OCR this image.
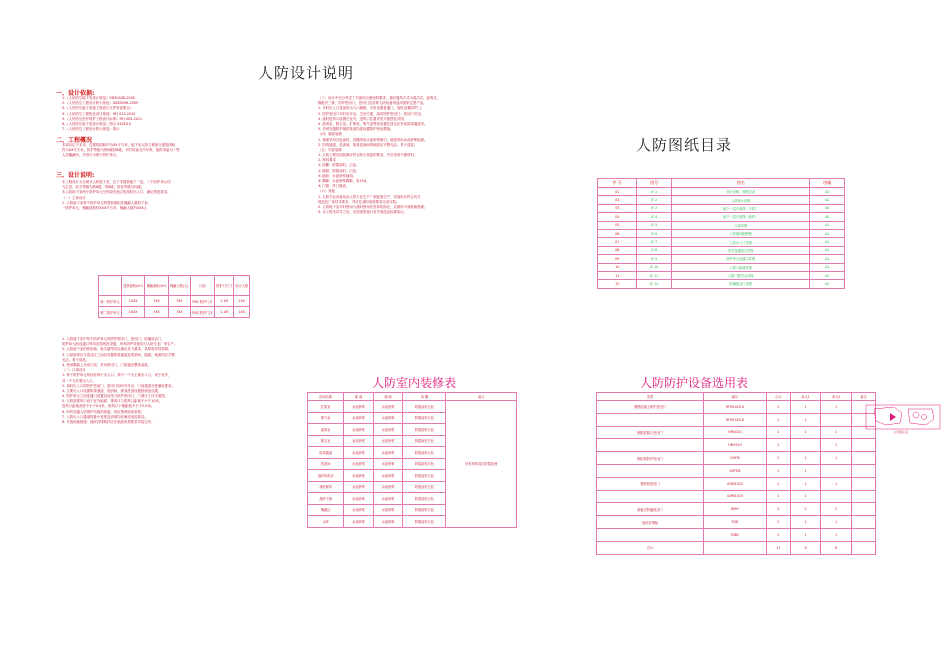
人防设计说明
人防图纸目录
人防室内装修表	人防防护设备选用表
一、设计依据:
1.《人民防空地下室设计规范》GB50038-2005
2.《人民防空工程设计防火规范》GB50098-2009
3.《人民防空地下室施工图设计文件审查要点》
4.《人民防空工程防化设计规范》RFJ 013-2010
5.《人民防空医疗救护工程设计标准》RFJ 005-2011
6.《人民防空地下室设计规范》图示 05SFJ10
7.《人民防空工程设计防火规范》图示
二、工程概况
本项目位于本市，总建筑面积约为XX平方米，地下室人防工程部分建筑面积
约为XX平方米，防护等级为核6级常6级，平时用途为汽车库，战时用途为二等
人员掩蔽所，共划分为两个防护单元。
三、设计说明:
本工程设计为全埋式人防地下室，位于本建筑地下一层，二个防护单元均
为乙类，抗力等级为核6级，常6级，防化等级为丙级。
本人防地下室两个防护单元分别设有独立的战时出入口，满足规范要求。
（一）主体设计
1. 人防地下室每个防护单元的建筑面积及掩蔽人数如下表：
一防护单元，掩蔽面积约XXX平方米，掩蔽人数约XXX人
	建筑面积(m²)	掩蔽面积(m²)	掩蔽人数(人)	口部	防护门尺寸	设计人数
第一防护单元	1XXX	7XX	7XX	FM1 防护门/1	1.1M	1XX
第二防护单元	1XXX	7XX	7XX	FM2 防护门/2	1.1M	1XX
1. 人防地下室中每个防护单元的防护密闭门、密闭门、防爆波活门、
防护单元间连通口等均应按规范设置，所有防护设备均为人防专业厂家生产。
2. 人防地下室的密闭墙、临空墙等均应满足抗力要求，其厚度详结构图。
3. 口部染毒区与清洁区之间应设置防毒通道及洗消间，墙面、地面均应平整
光洁，易于清洗。
4. 密闭隔墙上开设门洞，采用密闭门，门框墙应整体浇筑。
（二）口部设计
1. 每个防护单元均设有两个出入口，其中一个为主要出入口，设于室外，
另一个为次要出入口。
2. 战时出入口的防护密闭门、密闭门均向外开启，门前通道长度满足要求。
3. 主要出入口设置防毒通道、洗消间，简易洗消设施按规范设置。
4. 防护单元之间连通口设置双向受力防护密闭门，门洞尺寸详平面图。
5. 人防进排风口设于室外地面，排风口与进风口距离不小于10米，
进风口距地高度不小于0.5米，排风口下缘距地不小于2.0米。
6. 所有穿越人防围护结构的管道，均应预埋密闭套管。
7. 人防出入口通道的最小宽度及高度均应满足规范要求。
8. 平战转换措施：战时封堵构件应在临战时按要求安装完毕。
（三）设计中充分考虑了平战结合使用的要求，战时通风方式为清洁式、滤毒式、
隔绝式三种，防护密闭门、密闭门及各种人防设备均选用国家定型产品。
1. 平时出入口及战时出入口兼顾，平时设置普通门，战时设置防护门。
2. 防护密闭门平时应开启，关闭方便，战时防护密闭门、密闭门关闭。
3. 战时进风口设置在室外，进风口位置详见平面图及详图。
4. 滤毒室、除尘室、扩散室、集气室等均设置在清洁区外或防毒通道内。
5. 各种穿越防护墙的管道均需设置防护密闭措施。
（四）墙面装修
1. 墙面采用白色涂料，顶棚采用水泥砂浆刷白，地面采用水泥砂浆地面。
2. 防毒通道、洗消间、简易洗消间等地面应平整光洁、易于清洗。
（五）内部装修
1. 人防工程内部装修应符合防火规范的要求，并应采用不燃材料。
2. 材料要求
① 顶棚：防霉涂料，白色。
② 墙面：防霉涂料，白色。
③ 地面：水泥砂浆地面。
④ 踢脚：水泥砂浆踢脚，高150。
⑤ 门窗：详门窗表。
（六）其他
1. 人防专业设备均由人防专业生产厂家配套生产，安装时应符合有关
规范及厂家技术要求，并应在战时前按要求完成安装。
2. 人防地下室平时使用与战时使用有差异的部位，应做好平战转换预案。
3. 本工程未详尽之处，应按国家现行有关规范及标准执行。
序 号	图号	图名	图幅
01	JF-1	设计说明、图纸目录	A2
02	JF-2	人防设计说明	A2
03	JF-3	地下一层平面图（平时）	A0
04	JF-4	地下一层平面图（战时）	A0
05	JF-5	口部详图	A1
06	JF-6	人防墙体配筋图	A1
07	JF-7	人防出入口详图	A1
08	JF-8	风井及通风口详图	A1
09	JF-9	防护单元连通口详图	A1
10	JF-10	人防门框墙详图	A1
11	JF-11	人防门窗节点详图	A2
12	JF-12	防爆波活门详图	A2
房间名称	地 面	墙 面	顶 棚	备注
扩散室	水泥砂浆	水泥砂浆	防霉涂料白色	所有材料均应防霉处理
集气室	水泥砂浆	水泥砂浆	防霉涂料白色	
滤毒室	水泥砂浆	水泥砂浆	防霉涂料白色	
除尘室	水泥砂浆	水泥砂浆	防霉涂料白色	
防毒通道	水泥砂浆	水泥砂浆	防霉涂料白色	
洗消间	水泥砂浆	水泥砂浆	防霉涂料白色	
战时风机房	水泥砂浆	水泥砂浆	防霉涂料白色	
战时厕所	水泥砂浆	水泥砂浆	防霉涂料白色	
战时干厕	水泥砂浆	水泥砂浆	防霉涂料白色	
掩蔽区	水泥砂浆	水泥砂浆	防霉涂料白色	
水库	水泥砂浆	水泥砂浆	防霉涂料白色	
类型	编号	合计	单元1	单元2	备注
钢筋混凝土防护密闭门	HFM1020-6	2	1	1	
	HFM1520-6	1	1		
钢筋混凝土密闭门	HM1020	2	1	1	
	HM1520	1		1	
钢结构防护密闭门	GHFM	2	1	1	
	GHFM2	1	1		
钢结构密闭门	GHM1020	2	1	1	
	GHM1520	1	1		
悬板式防爆波活门	BMH	4	2	2	
战时封堵板	FDB	2	1	1	
	FDB2	2	1	1	
总计		17	9	8	
总平面示意
